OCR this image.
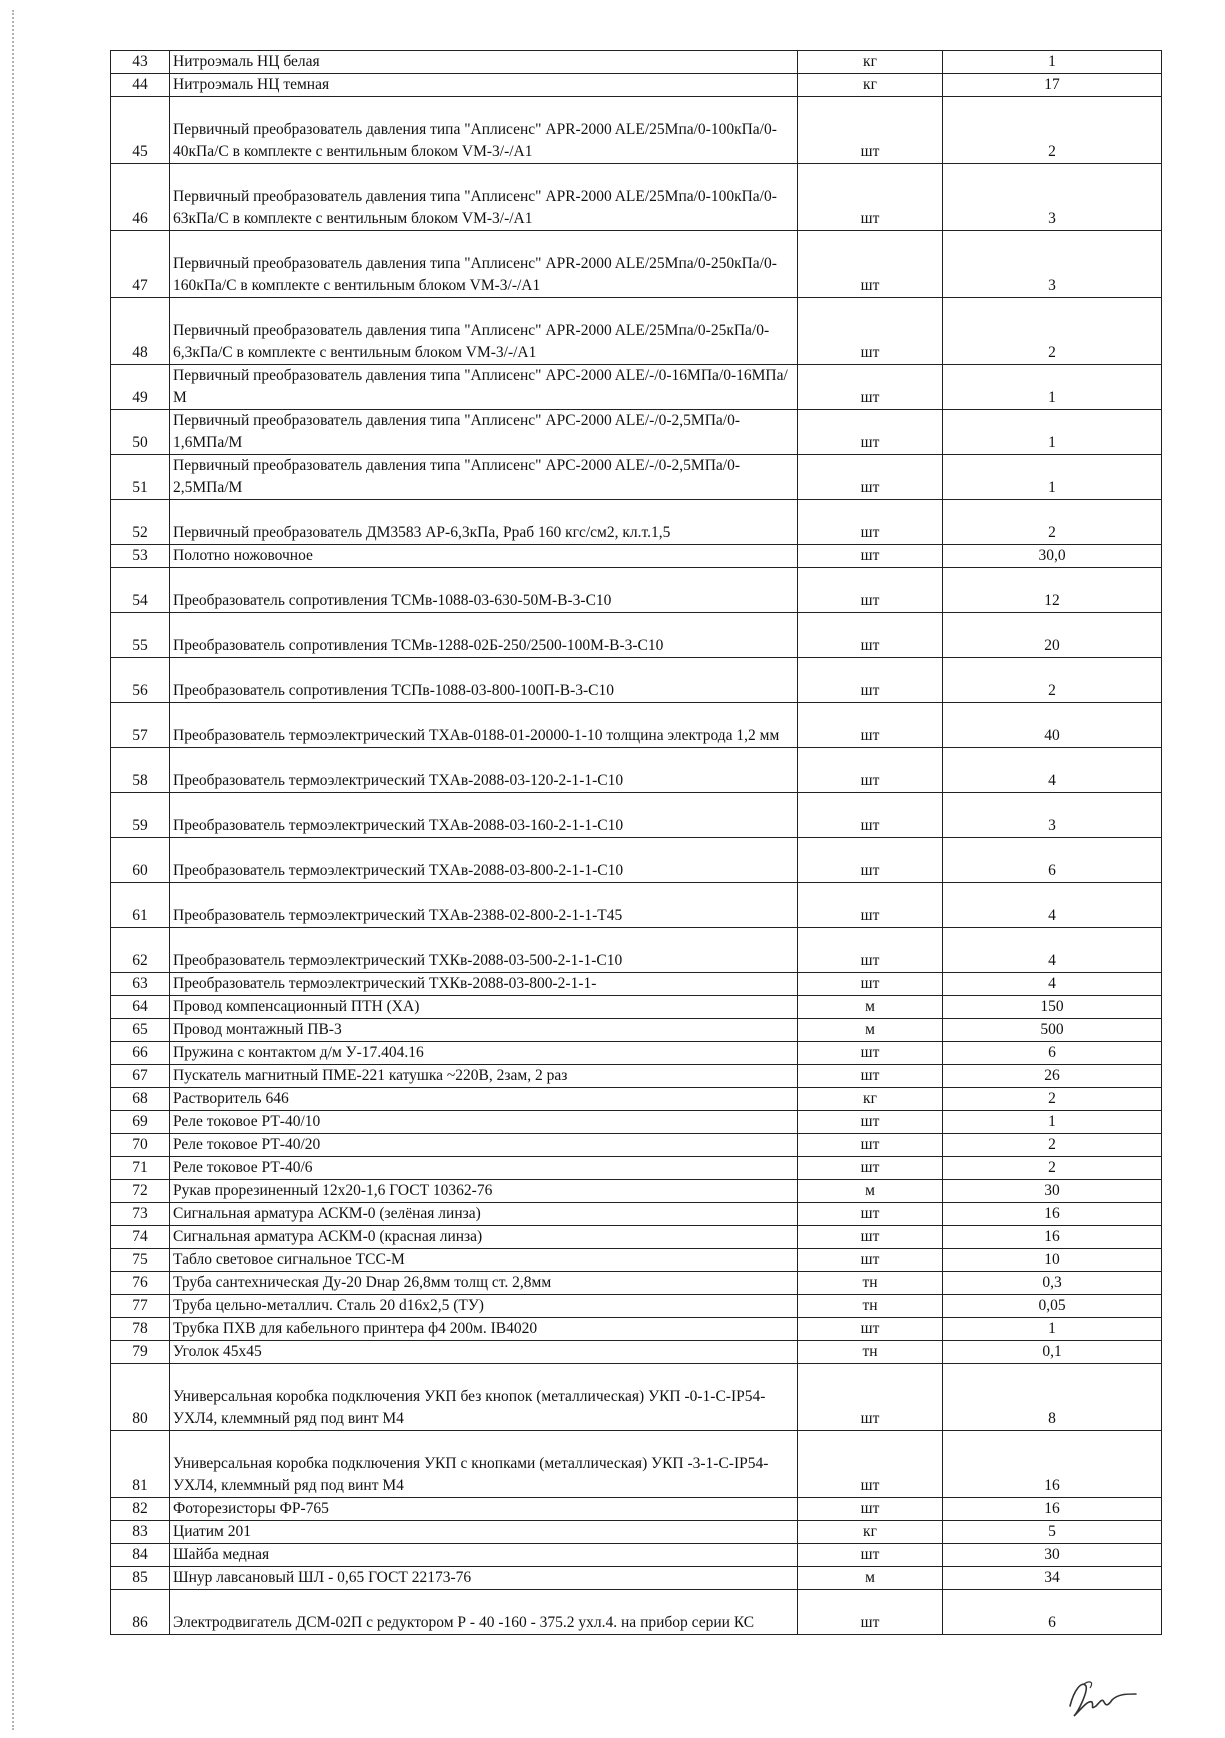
43	Нитроэмаль НЦ белая	кг	1
44	Нитроэмаль НЦ темная	кг	17
45	Первичный преобразователь давления типа "Аплисенс" APR-2000 ALE/25Мпа/0-100кПа/0-40кПа/С в комплекте с вентильным блоком VM-3/-/A1	шт	2
46	Первичный преобразователь давления типа "Аплисенс" APR-2000 ALE/25Мпа/0-100кПа/0-63кПа/С в комплекте с вентильным блоком VM-3/-/A1	шт	3
47	Первичный преобразователь давления типа "Аплисенс" APR-2000 ALE/25Мпа/0-250кПа/0-160кПа/С в комплекте с вентильным блоком VM-3/-/A1	шт	3
48	Первичный преобразователь давления типа "Аплисенс" APR-2000 ALE/25Мпа/0-25кПа/0-6,3кПа/С в комплекте с вентильным блоком VM-3/-/A1	шт	2
49	Первичный преобразователь давления типа "Аплисенс" APC-2000 ALE/-/0-16МПа/0-16МПа/М	шт	1
50	Первичный преобразователь давления типа "Аплисенс" APC-2000 ALE/-/0-2,5МПа/0-1,6МПа/М	шт	1
51	Первичный преобразователь давления типа "Аплисенс" APC-2000 ALE/-/0-2,5МПа/0-2,5МПа/М	шт	1
52	Первичный преобразователь ДМ3583 АР-6,3кПа, Рраб 160 кгс/см2, кл.т.1,5	шт	2
53	Полотно ножовочное	шт	30,0
54	Преобразователь сопротивления ТСМв-1088-03-630-50М-В-3-С10	шт	12
55	Преобразователь сопротивления ТСМв-1288-02Б-250/2500-100М-В-3-С10	шт	20
56	Преобразователь сопротивления ТСПв-1088-03-800-100П-В-3-С10	шт	2
57	Преобразователь термоэлектрический ТХАв-0188-01-20000-1-10 толщина электрода 1,2 мм	шт	40
58	Преобразователь термоэлектрический ТХАв-2088-03-120-2-1-1-С10	шт	4
59	Преобразователь термоэлектрический ТХАв-2088-03-160-2-1-1-С10	шт	3
60	Преобразователь термоэлектрический ТХАв-2088-03-800-2-1-1-С10	шт	6
61	Преобразователь термоэлектрический ТХАв-2388-02-800-2-1-1-Т45	шт	4
62	Преобразователь термоэлектрический ТХКв-2088-03-500-2-1-1-С10	шт	4
63	Преобразователь термоэлектрический ТХКв-2088-03-800-2-1-1-	шт	4
64	Провод компенсационный ПТН (ХА)	м	150
65	Провод монтажный ПВ-3	м	500
66	Пружина с контактом д/м У-17.404.16	шт	6
67	Пускатель магнитный ПМЕ-221 катушка ~220В, 2зам, 2 раз	шт	26
68	Растворитель 646	кг	2
69	Реле токовое РТ-40/10	шт	1
70	Реле токовое РТ-40/20	шт	2
71	Реле токовое РТ-40/6	шт	2
72	Рукав прорезиненный 12х20-1,6 ГОСТ 10362-76	м	30
73	Сигнальная арматура АСКМ-0 (зелёная линза)	шт	16
74	Сигнальная арматура АСКМ-0 (красная линза)	шт	16
75	Табло световое сигнальное ТСС-М	шт	10
76	Труба сантехническая Ду-20 Dнар 26,8мм толщ ст. 2,8мм	тн	0,3
77	Труба цельно-металлич. Сталь 20 d16х2,5 (ТУ)	тн	0,05
78	Трубка ПХВ для кабельного принтера ф4 200м. IB4020	шт	1
79	Уголок 45х45	тн	0,1
80	Универсальная коробка подключения УКП без кнопок (металлическая) УКП -0-1-С-IP54-УХЛ4, клеммный ряд под винт М4	шт	8
81	Универсальная коробка подключения УКП с кнопками (металлическая) УКП -3-1-С-IP54-УХЛ4, клеммный ряд под винт М4	шт	16
82	Фоторезисторы ФР-765	шт	16
83	Циатим 201	кг	5
84	Шайба медная	шт	30
85	Шнур лавсановый ШЛ - 0,65 ГОСТ 22173-76	м	34
86	Электродвигатель ДСМ-02П с редуктором Р - 40 -160 - 375.2 ухл.4. на прибор серии КС	шт	6
